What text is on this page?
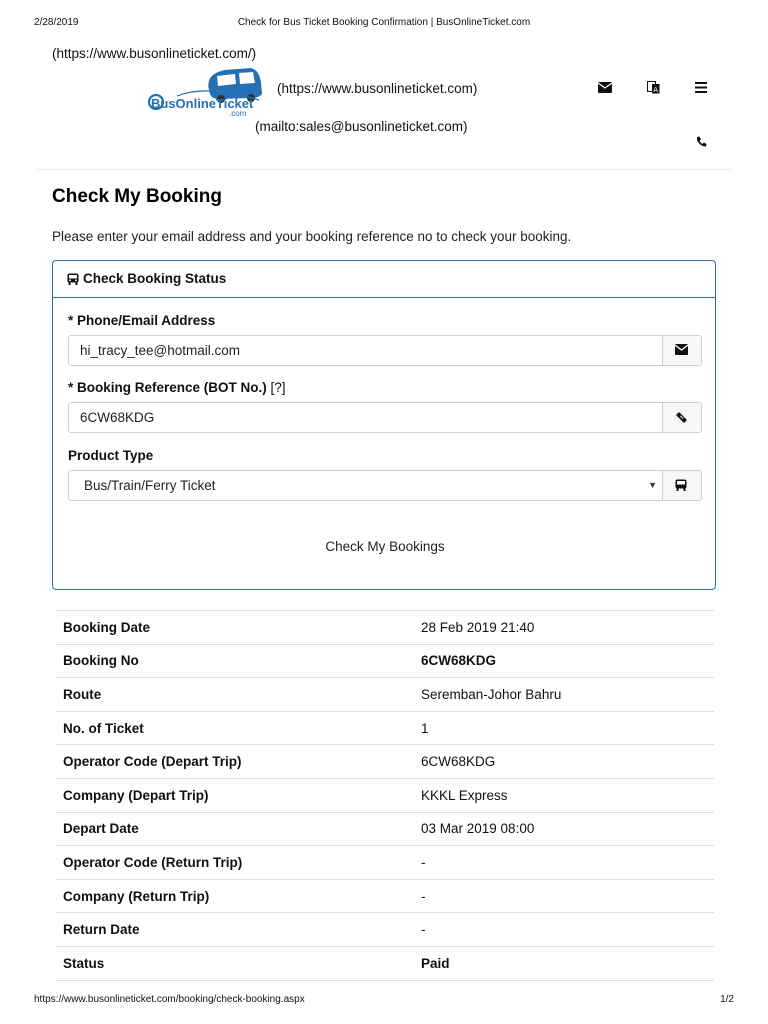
2/28/2019	Check for Bus Ticket Booking Confirmation | BusOnlineTicket.com
(https://www.busonlineticket.com/)
BusOnlineTicket
.com
(https://www.busonlineticket.com)
(mailto:sales@busonlineticket.com)
A
Check My Booking
Please enter your email address and your booking reference no to check your booking.
Check Booking Status
* Phone/Email Address
hi_tracy_tee@hotmail.com
* Booking Reference (BOT No.) [?]
6CW68KDG
Product Type
Bus/Train/Ferry Ticket	▼
Check My Bookings
Booking Date	28 Feb 2019 21:40
Booking No	6CW68KDG
Route	Seremban-Johor Bahru
No. of Ticket	1
Operator Code (Depart Trip)	6CW68KDG
Company (Depart Trip)	KKKL Express
Depart Date	03 Mar 2019 08:00
Operator Code (Return Trip)	-
Company (Return Trip)	-
Return Date	-
Status	Paid
https://www.busonlineticket.com/booking/check-booking.aspx	1/2
